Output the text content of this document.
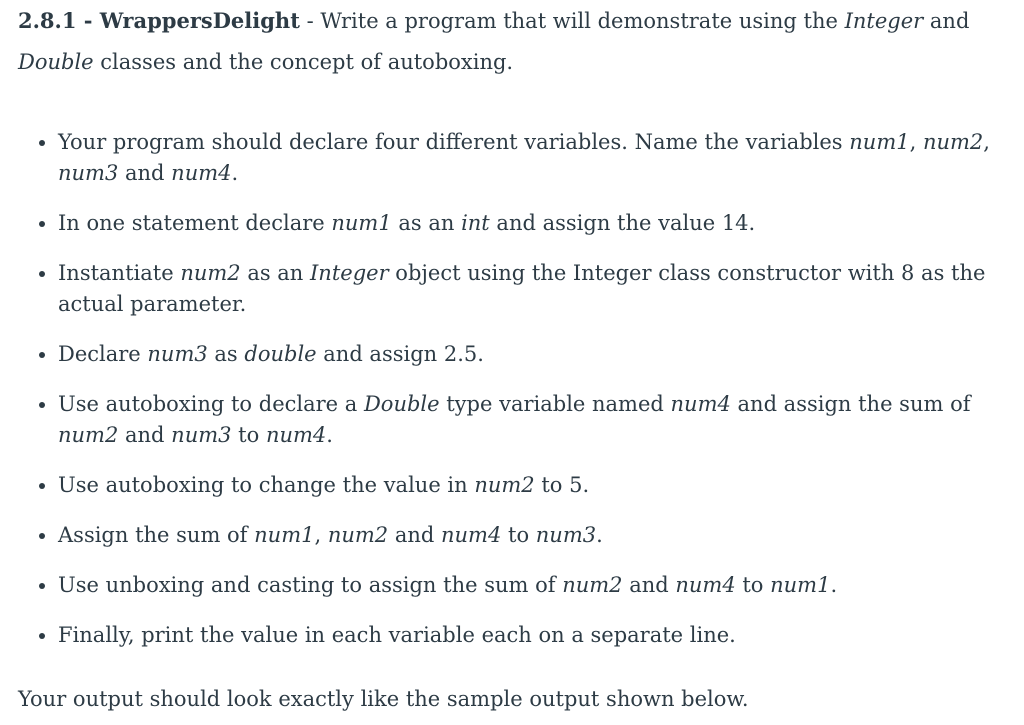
2.8.1 - WrappersDelight - Write a program that will demonstrate using the Integer and Double classes and the concept of autoboxing.

• Your program should declare four different variables. Name the variables num1, num2, num3 and num4.
• In one statement declare num1 as an int and assign the value 14.
• Instantiate num2 as an Integer object using the Integer class constructor with 8 as the actual parameter.
• Declare num3 as double and assign 2.5.
• Use autoboxing to declare a Double type variable named num4 and assign the sum of num2 and num3 to num4.
• Use autoboxing to change the value in num2 to 5.
• Assign the sum of num1, num2 and num4 to num3.
• Use unboxing and casting to assign the sum of num2 and num4 to num1.
• Finally, print the value in each variable each on a separate line.

Your output should look exactly like the sample output shown below.
